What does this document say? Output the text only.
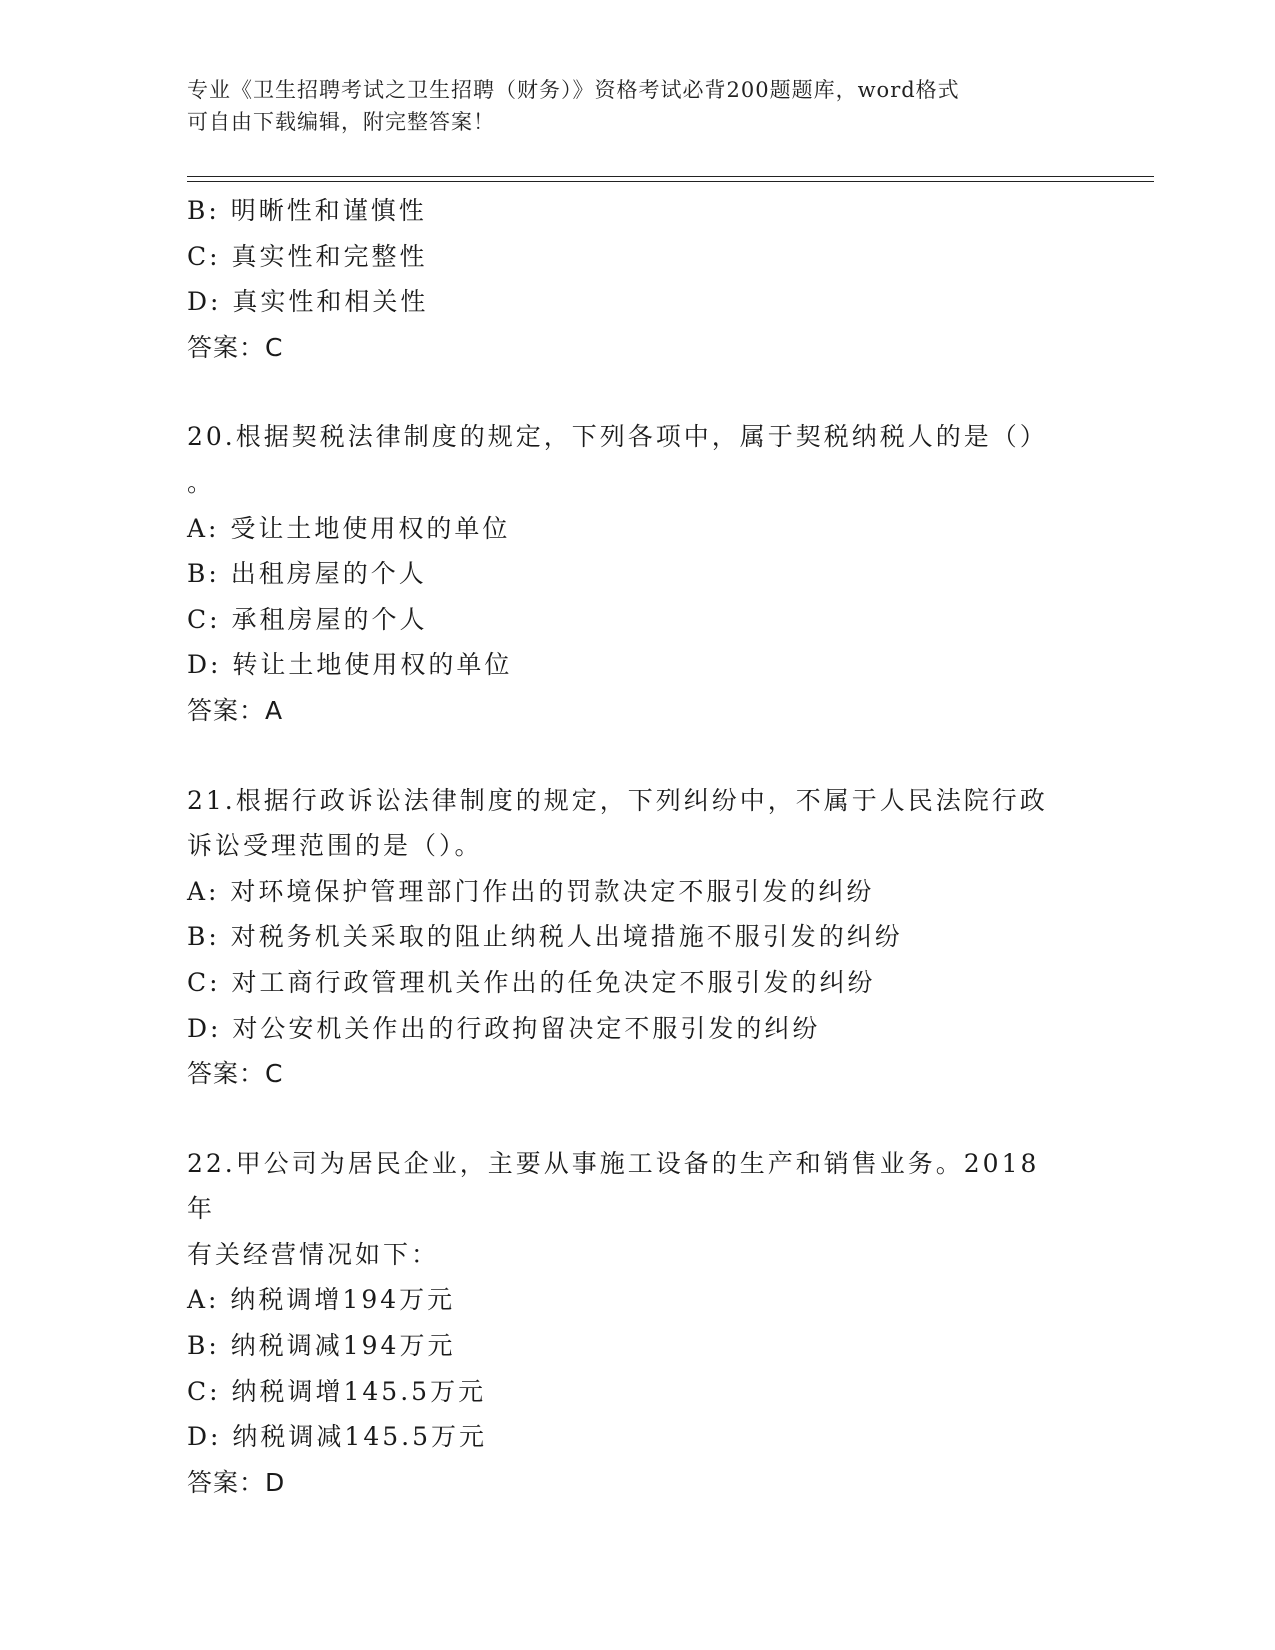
专业《卫生招聘考试之卫生招聘（财务）》资格考试必背200题题库，word格式
可自由下载编辑，附完整答案！
B: 明晰性和谨慎性
C: 真实性和完整性
D: 真实性和相关性
答案：C
20.根据契税法律制度的规定，下列各项中，属于契税纳税人的是（）
。
A: 受让土地使用权的单位
B: 出租房屋的个人
C: 承租房屋的个人
D: 转让土地使用权的单位
答案：A
21.根据行政诉讼法律制度的规定，下列纠纷中，不属于人民法院行政
诉讼受理范围的是（）。
A: 对环境保护管理部门作出的罚款决定不服引发的纠纷
B: 对税务机关采取的阻止纳税人出境措施不服引发的纠纷
C: 对工商行政管理机关作出的任免决定不服引发的纠纷
D: 对公安机关作出的行政拘留决定不服引发的纠纷
答案：C
22.甲公司为居民企业，主要从事施工设备的生产和销售业务。2018年
有关经营情况如下：
A: 纳税调增194万元
B: 纳税调减194万元
C: 纳税调增145.5万元
D: 纳税调减145.5万元
答案：D
